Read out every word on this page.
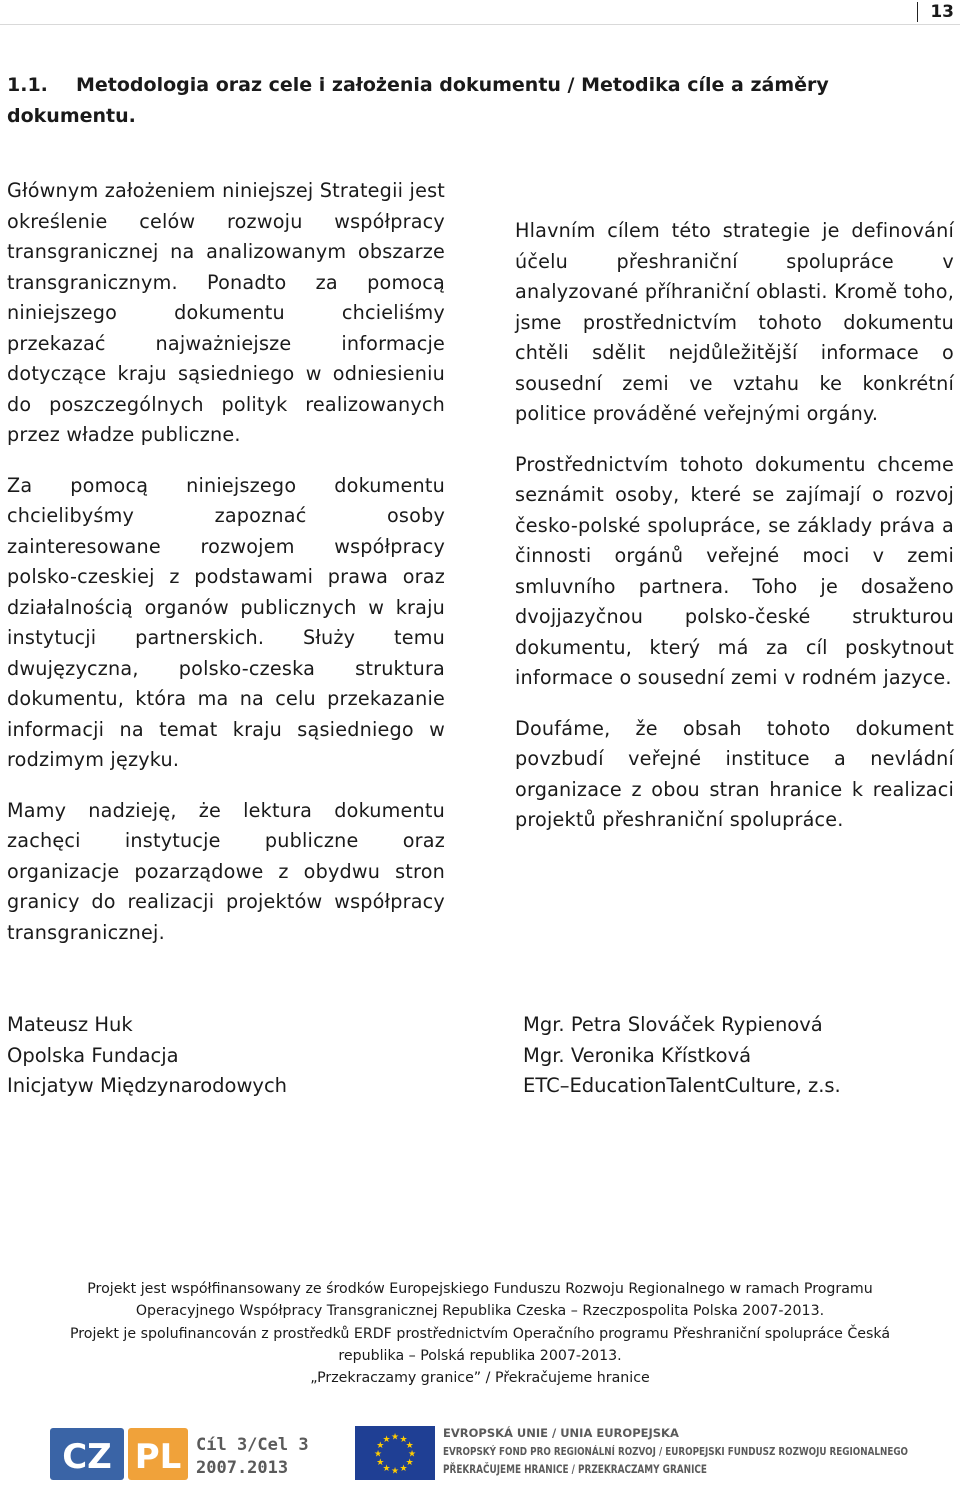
13
1.1. Metodologia oraz cele i założenia dokumentu / Metodika cíle a záměry dokumentu.

Głównym założeniem niniejszej Strategii jest określenie celów rozwoju współpracy transgranicznej na analizowanym obszarze transgranicznym. Ponadto za pomocą niniejszego dokumentu chcieliśmy przekazać najważniejsze informacje dotyczące kraju sąsiedniego w odniesieniu do poszczególnych polityk realizowanych przez władze publiczne.

Za pomocą niniejszego dokumentu chcielibyśmy zapoznać osoby zainteresowane rozwojem współpracy polsko-czeskiej z podstawami prawa oraz działalnością organów publicznych w kraju instytucji partnerskich. Służy temu dwujęzyczna, polsko-czeska struktura dokumentu, która ma na celu przekazanie informacji na temat kraju sąsiedniego w rodzimym języku.

Mamy nadzieję, że lektura dokumentu zachęci instytucje publiczne oraz organizacje pozarządowe z obydwu stron granicy do realizacji projektów współpracy transgranicznej.

Hlavním cílem této strategie je definování účelu přeshraniční spolupráce v analyzované příhraniční oblasti. Kromě toho, jsme prostřednictvím tohoto dokumentu chtěli sdělit nejdůležitější informace o sousední zemi ve vztahu ke konkrétní politice prováděné veřejnými orgány.

Prostřednictvím tohoto dokumentu chceme seznámit osoby, které se zajímají o rozvoj česko-polské spolupráce, se základy práva a činnosti orgánů veřejné moci v zemi smluvního partnera. Toho je dosaženo dvojjazyčnou polsko-české strukturou dokumentu, který má za cíl poskytnout informace o sousední zemi v rodném jazyce.

Doufáme, že obsah tohoto dokument povzbudí veřejné instituce a nevládní organizace z obou stran hranice k realizaci projektů přeshraniční spolupráce.

Mateusz Huk
Opolska Fundacja
Inicjatyw Międzynarodowych
Mgr. Petra Slováček Rypienová
Mgr. Veronika Křístková
ETC–EducationTalentCulture, z.s.
Projekt jest współfinansowany ze środków Europejskiego Funduszu Rozwoju Regionalnego w ramach Programu
Operacyjnego Współpracy Transgranicznej Republika Czeska – Rzeczpospolita Polska 2007-2013.
Projekt je spolufinancován z prostředků ERDF prostřednictvím Operačního programu Přeshraniční spolupráce Česká
republika – Polská republika 2007-2013.
„Przekraczamy granice” / Překračujeme hranice
CZ PL Cíl 3/Cel 3
2007.2013
★ ★
★
★
★
★
★
★
★
★
★
★	EVROPSKÁ UNIE / UNIA EUROPEJSKA
EVROPSKÝ FOND PRO REGIONÁLNÍ ROZVOJ / EUROPEJSKI FUNDUSZ ROZWOJU REGIONALNEGO
PŘEKRAČUJEME HRANICE / PRZEKRACZAMY GRANICE
